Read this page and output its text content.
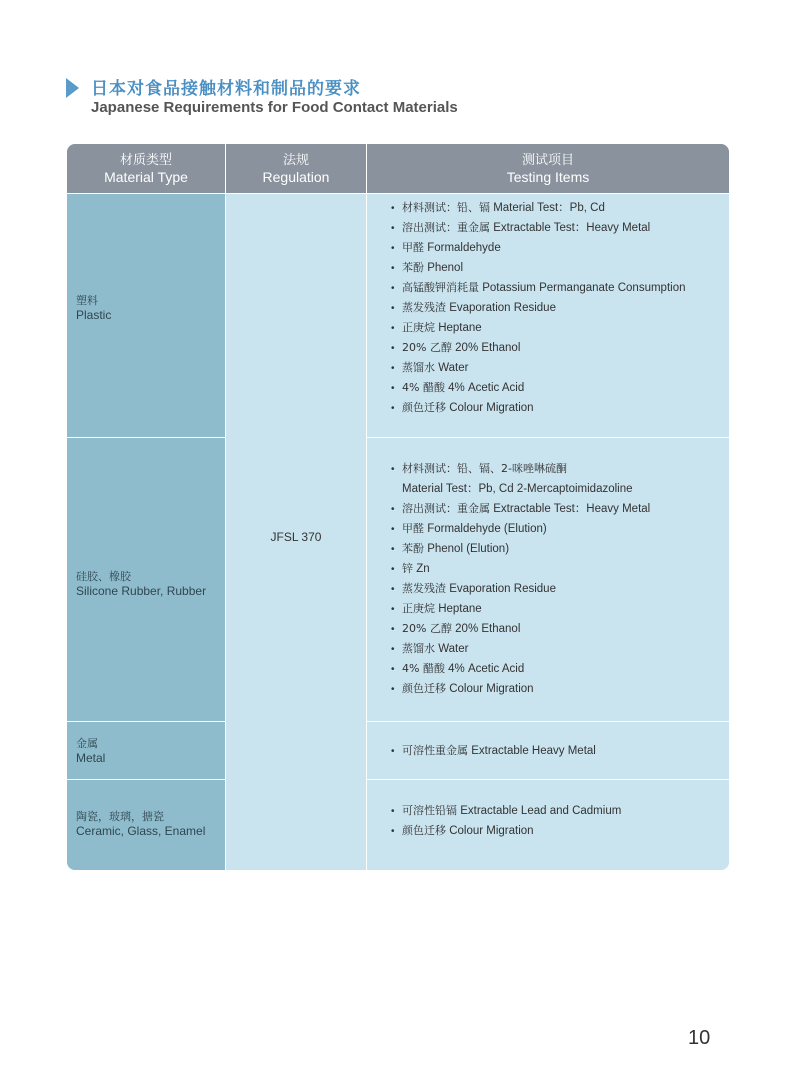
日本对食品接触材料和制品的要求
Japanese Requirements for Food Contact Materials
材质类型
Material Type
法规
Regulation
测试项目
Testing Items
塑料
Plastic
硅胶、橡胶
Silicone Rubber, Rubber
金属
Metal
陶瓷，玻璃，搪瓷
Ceramic, Glass, Enamel
JFSL 370
• 材料测试：铅、镉 Material Test：Pb, Cd
• 溶出测试：重金属 Extractable Test：Heavy Metal
• 甲醛 Formaldehyde
• 苯酚 Phenol
• 高锰酸钾消耗量 Potassium Permanganate Consumption
• 蒸发残渣 Evaporation Residue
• 正庚烷 Heptane
• 20% 乙醇 20% Ethanol
• 蒸馏水 Water
• 4% 醋酸 4% Acetic Acid
• 颜色迁移 Colour Migration
• 材料测试：铅、镉、2-咪唑啉硫酮
Material Test：Pb, Cd 2-Mercaptoimidazoline
• 溶出测试：重金属 Extractable Test：Heavy Metal
• 甲醛 Formaldehyde (Elution)
• 苯酚 Phenol (Elution)
• 锌 Zn
• 蒸发残渣 Evaporation Residue
• 正庚烷 Heptane
• 20% 乙醇 20% Ethanol
• 蒸馏水 Water
• 4% 醋酸 4% Acetic Acid
• 颜色迁移 Colour Migration
• 可溶性重金属 Extractable Heavy Metal
• 可溶性铅镉 Extractable Lead and Cadmium
• 颜色迁移 Colour Migration
10
